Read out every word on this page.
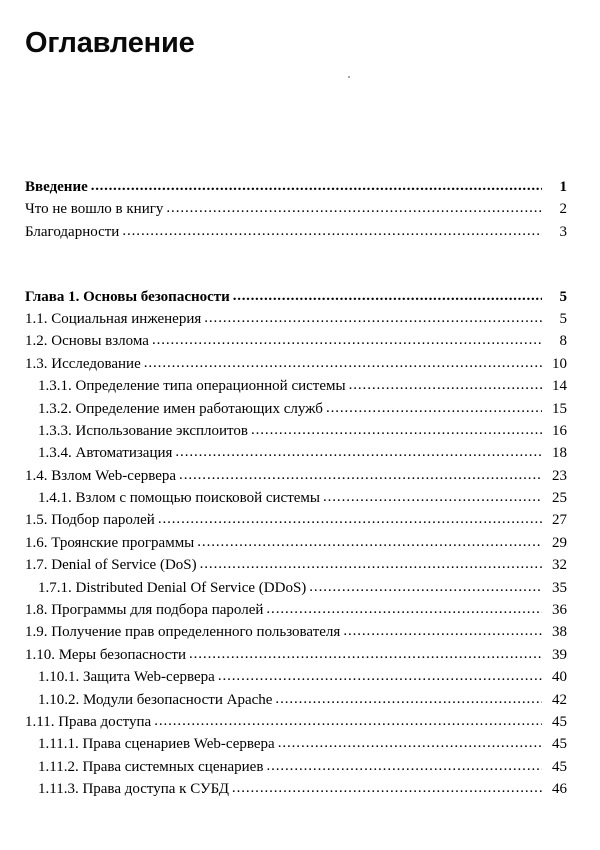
Оглавление
Введение .....	1
Что не вошло в книгу .....	2
Благодарности .....	3
Глава 1. Основы безопасности .....	5
1.1. Социальная инженерия .....	5
1.2. Основы взлома .....	8
1.3. Исследование .....	10
1.3.1. Определение типа операционной системы .....	14
1.3.2. Определение имен работающих служб .....	15
1.3.3. Использование эксплоитов .....	16
1.3.4. Автоматизация .....	18
1.4. Взлом Web-сервера .....	23
1.4.1. Взлом с помощью поисковой системы .....	25
1.5. Подбор паролей .....	27
1.6. Троянские программы .....	29
1.7. Denial of Service (DoS) .....	32
1.7.1. Distributed Denial Of Service (DDoS) .....	35
1.8. Программы для подбора паролей .....	36
1.9. Получение прав определенного пользователя .....	38
1.10. Меры безопасности .....	39
1.10.1. Защита Web-сервера .....	40
1.10.2. Модули безопасности Apache .....	42
1.11. Права доступа .....	45
1.11.1. Права сценариев Web-сервера .....	45
1.11.2. Права системных сценариев .....	45
1.11.3. Права доступа к СУБД .....	46
